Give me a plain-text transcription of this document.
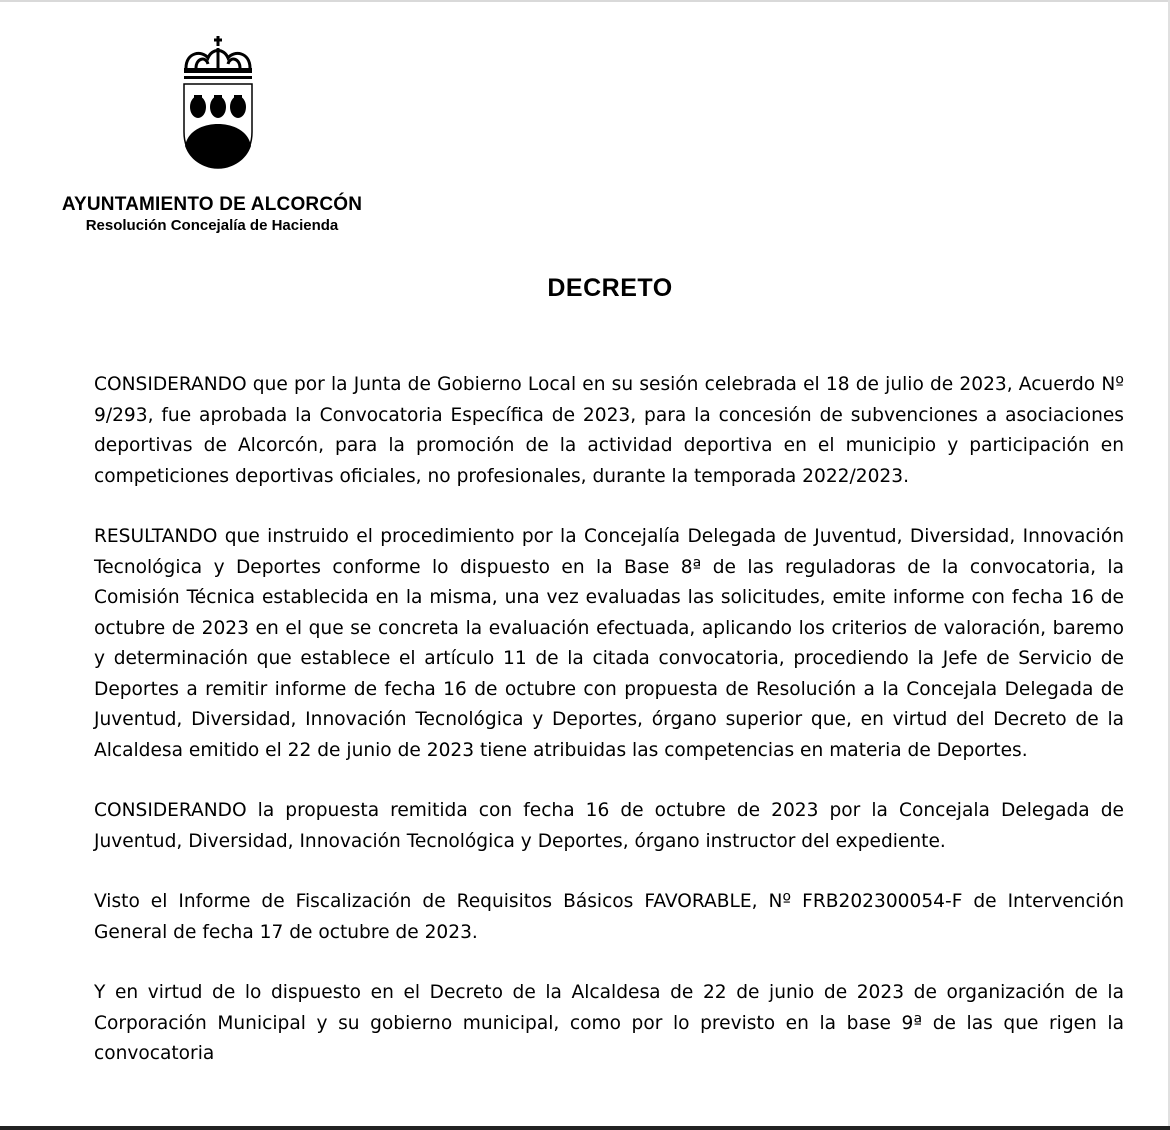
AYUNTAMIENTO DE ALCORCÓN
Resolución Concejalía de Hacienda
DECRETO

CONSIDERANDO que por la Junta de Gobierno Local en su sesión celebrada el 18 de julio de 2023, Acuerdo Nº 9/293, fue aprobada la Convocatoria Específica de 2023, para la concesión de subvenciones a asociaciones deportivas de Alcorcón, para la promoción de la actividad deportiva en el municipio y participación en competiciones deportivas oficiales, no profesionales, durante la temporada 2022/2023.

RESULTANDO que instruido el procedimiento por la Concejalía Delegada de Juventud, Diversidad, Innovación Tecnológica y Deportes conforme lo dispuesto en la Base 8ª de las reguladoras de la convocatoria, la Comisión Técnica establecida en la misma, una vez evaluadas las solicitudes, emite informe con fecha 16 de octubre de 2023 en el que se concreta la evaluación efectuada, aplicando los criterios de valoración, baremo y determinación que establece el artículo 11 de la citada convocatoria, procediendo la Jefe de Servicio de Deportes a remitir informe de fecha 16 de octubre con propuesta de Resolución a la Concejala Delegada de Juventud, Diversidad, Innovación Tecnológica y Deportes, órgano superior que, en virtud del Decreto de la Alcaldesa emitido el 22 de junio de 2023 tiene atribuidas las competencias en materia de Deportes.

CONSIDERANDO la propuesta remitida con fecha 16 de octubre de 2023 por la Concejala Delegada de Juventud, Diversidad, Innovación Tecnológica y Deportes, órgano instructor del expediente.

Visto el Informe de Fiscalización de Requisitos Básicos FAVORABLE, Nº FRB202300054-F de Intervención General de fecha 17 de octubre de 2023.

Y en virtud de lo dispuesto en el Decreto de la Alcaldesa de 22 de junio de 2023 de organización de la Corporación Municipal y su gobierno municipal, como por lo previsto en la base 9ª de las que rigen la convocatoria
